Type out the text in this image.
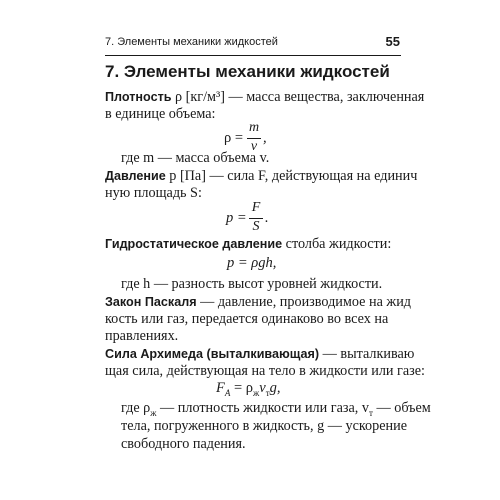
7. Элементы механики жидкостей	55
7. Элементы механики жидкостей
Плотность ρ [кг/м³] — масса вещества, заключенная
в единице объема:
ρ =
m
v
,
где m — масса объема v.
Давление p [Па] — сила F, действующая на единич
ную площадь S:
p =
F
S
.
Гидростатическое давление столба жидкости:
p = ρgh,
где h — разность высот уровней жидкости.
Закон Паскаля — давление, производимое на жид
кость или газ, передается одинаково во всех на
правлениях.
Сила Архимеда (выталкивающая) — выталкиваю
щая сила, действующая на тело в жидкости или газе:
$F_A = \rho_жv_тg$,
где $\rho_ж$ — плотность жидкости или газа, $v_т$ — объем
тела, погруженного в жидкость, g — ускорение
свободного падения.
